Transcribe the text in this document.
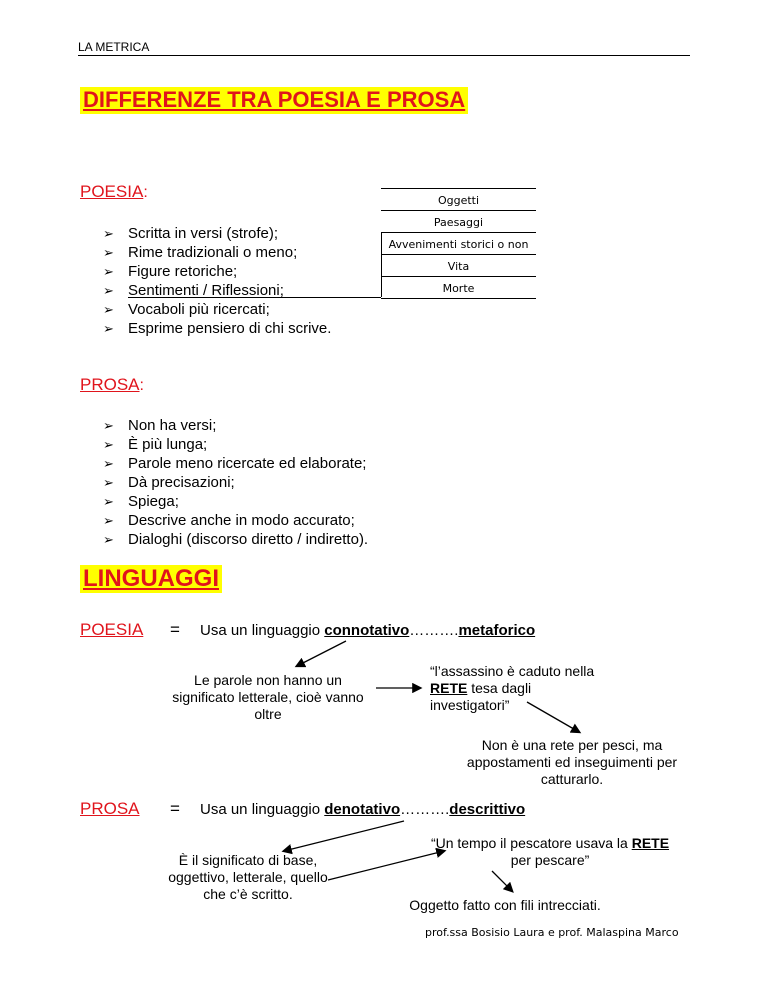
LA METRICA
DIFFERENZE TRA POESIA E PROSA
POESIA:
➢ Scritta in versi (strofe);
➢ Rime tradizionali o meno;
➢ Figure retoriche;
➢ Sentimenti / Riflessioni;
➢ Vocaboli più ricercati;
➢ Esprime pensiero di chi scrive.
Oggetti
Paesaggi
Avvenimenti storici o non
Vita
Morte
PROSA:
➢ Non ha versi;
➢ È più lunga;
➢ Parole meno ricercate ed elaborate;
➢ Dà precisazioni;
➢ Spiega;
➢ Descrive anche in modo accurato;
➢ Dialoghi (discorso diretto / indiretto).
LINGUAGGI
POESIA = Usa un linguaggio connotativo……….metaforico
Le parole non hanno un significato letterale, cioè vanno oltre
“l’assassino è caduto nella RETE tesa dagli investigatori”
Non è una rete per pesci, ma appostamenti ed inseguimenti per catturarlo.
PROSA = Usa un linguaggio denotativo……….descrittivo
“Un tempo il pescatore usava la RETE per pescare”
È il significato di base, oggettivo, letterale, quello che c’è scritto.
Oggetto fatto con fili intrecciati.
prof.ssa Bosisio Laura e prof. Malaspina Marco
